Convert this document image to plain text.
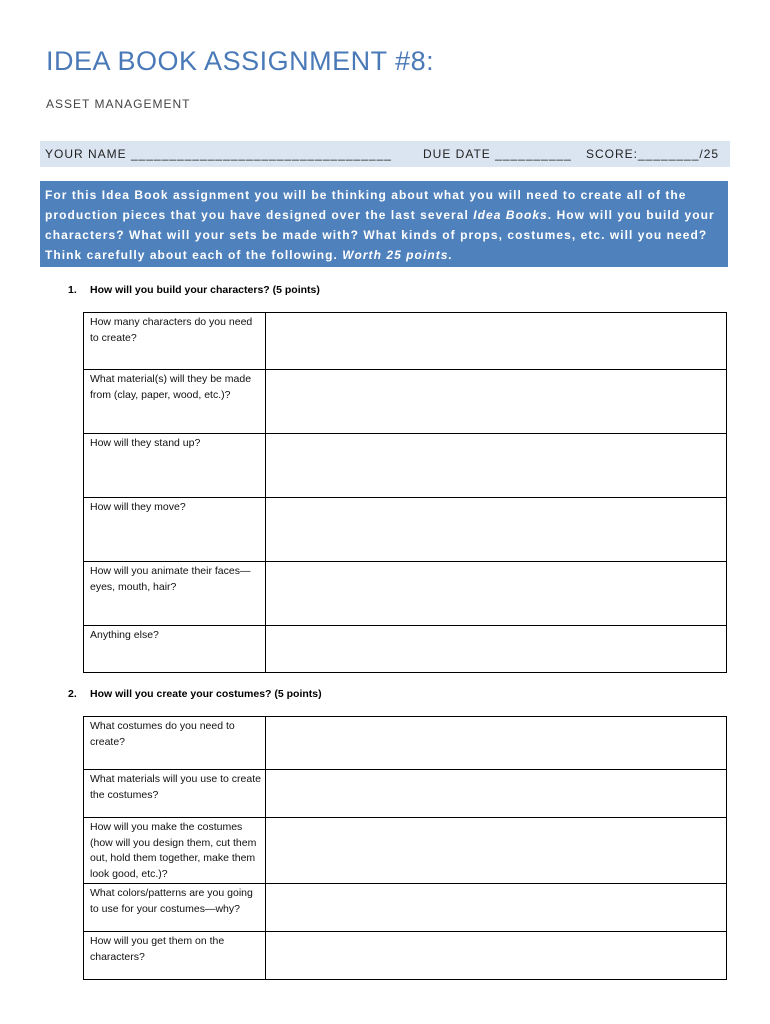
IDEA BOOK ASSIGNMENT #8:
ASSET MANAGEMENT
YOUR NAME __________________________________	DUE DATE __________ SCORE:________/25
For this Idea Book assignment you will be thinking about what you will need to create all of the
production pieces that you have designed over the last several Idea Books. How will you build your
characters? What will your sets be made with? What kinds of props, costumes, etc. will you need?
Think carefully about each of the following. Worth 25 points.
1. How will you build your characters? (5 points)
How many characters do you need to create?	
What material(s) will they be made from (clay, paper, wood, etc.)?	
How will they stand up?	
How will they move?	
How will you animate their faces—eyes, mouth, hair?	
Anything else?	
2. How will you create your costumes? (5 points)
What costumes do you need to create?	
What materials will you use to create the costumes?	
How will you make the costumes (how will you design them, cut them out, hold them together, make them look good, etc.)?	
What colors/patterns are you going to use for your costumes—why?	
How will you get them on the characters?	
